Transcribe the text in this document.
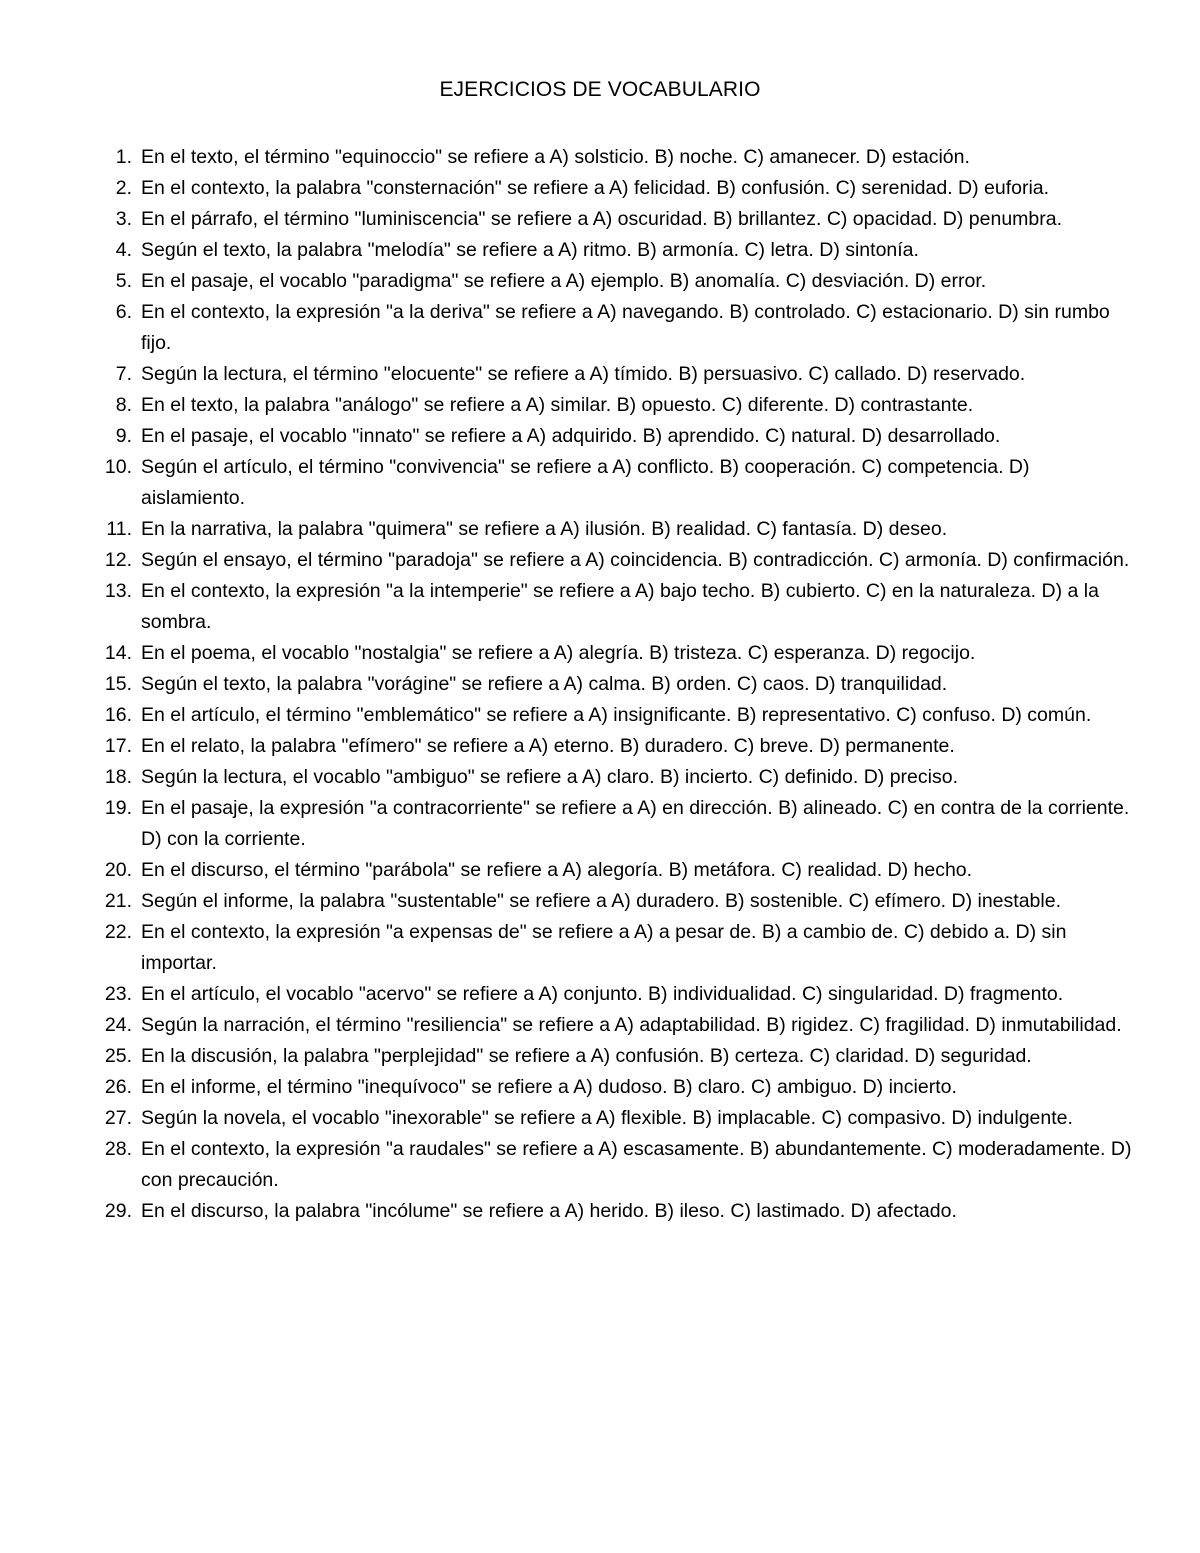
EJERCICIOS DE VOCABULARIO
1. En el texto, el término "equinoccio" se refiere a A) solsticio. B) noche. C) amanecer. D) estación.
2. En el contexto, la palabra "consternación" se refiere a A) felicidad. B) confusión. C) serenidad. D) euforia.
3. En el párrafo, el término "luminiscencia" se refiere a A) oscuridad. B) brillantez. C) opacidad. D) penumbra.
4. Según el texto, la palabra "melodía" se refiere a A) ritmo. B) armonía. C) letra. D) sintonía.
5. En el pasaje, el vocablo "paradigma" se refiere a A) ejemplo. B) anomalía. C) desviación. D) error.
6. En el contexto, la expresión "a la deriva" se refiere a A) navegando. B) controlado. C) estacionario. D) sin rumbo fijo.
7. Según la lectura, el término "elocuente" se refiere a A) tímido. B) persuasivo. C) callado. D) reservado.
8. En el texto, la palabra "análogo" se refiere a A) similar. B) opuesto. C) diferente. D) contrastante.
9. En el pasaje, el vocablo "innato" se refiere a A) adquirido. B) aprendido. C) natural. D) desarrollado.
10. Según el artículo, el término "convivencia" se refiere a A) conflicto. B) cooperación. C) competencia. D) aislamiento.
11. En la narrativa, la palabra "quimera" se refiere a A) ilusión. B) realidad. C) fantasía. D) deseo.
12. Según el ensayo, el término "paradoja" se refiere a A) coincidencia. B) contradicción. C) armonía. D) confirmación.
13. En el contexto, la expresión "a la intemperie" se refiere a A) bajo techo. B) cubierto. C) en la naturaleza. D) a la sombra.
14. En el poema, el vocablo "nostalgia" se refiere a A) alegría. B) tristeza. C) esperanza. D) regocijo.
15. Según el texto, la palabra "vorágine" se refiere a A) calma. B) orden. C) caos. D) tranquilidad.
16. En el artículo, el término "emblemático" se refiere a A) insignificante. B) representativo. C) confuso. D) común.
17. En el relato, la palabra "efímero" se refiere a A) eterno. B) duradero. C) breve. D) permanente.
18. Según la lectura, el vocablo "ambiguo" se refiere a A) claro. B) incierto. C) definido. D) preciso.
19. En el pasaje, la expresión "a contracorriente" se refiere a A) en dirección. B) alineado. C) en contra de la corriente. D) con la corriente.
20. En el discurso, el término "parábola" se refiere a A) alegoría. B) metáfora. C) realidad. D) hecho.
21. Según el informe, la palabra "sustentable" se refiere a A) duradero. B) sostenible. C) efímero. D) inestable.
22. En el contexto, la expresión "a expensas de" se refiere a A) a pesar de. B) a cambio de. C) debido a. D) sin importar.
23. En el artículo, el vocablo "acervo" se refiere a A) conjunto. B) individualidad. C) singularidad. D) fragmento.
24. Según la narración, el término "resiliencia" se refiere a A) adaptabilidad. B) rigidez. C) fragilidad. D) inmutabilidad.
25. En la discusión, la palabra "perplejidad" se refiere a A) confusión. B) certeza. C) claridad. D) seguridad.
26. En el informe, el término "inequívoco" se refiere a A) dudoso. B) claro. C) ambiguo. D) incierto.
27. Según la novela, el vocablo "inexorable" se refiere a A) flexible. B) implacable. C) compasivo. D) indulgente.
28. En el contexto, la expresión "a raudales" se refiere a A) escasamente. B) abundantemente. C) moderadamente. D) con precaución.
29. En el discurso, la palabra "incólume" se refiere a A) herido. B) ileso. C) lastimado. D) afectado.
